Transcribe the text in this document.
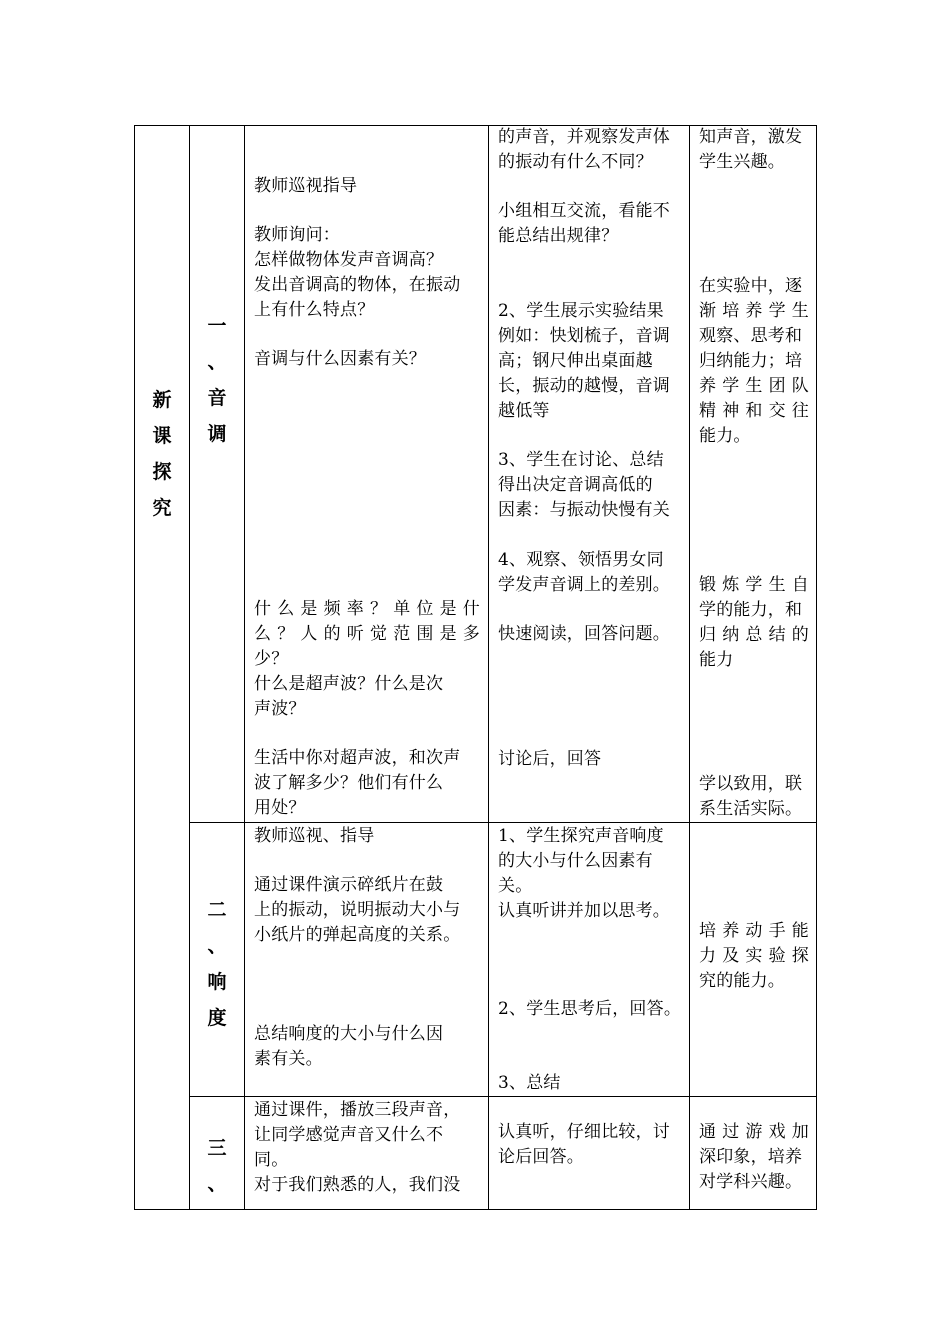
新
课
探
究
一
、
音
调
二
、
响
度
三
、
教师巡视指导
教师询问：
怎样做物体发声音调高？
发出音调高的物体，在振动
上有什么特点？
音调与什么因素有关？
什么是频率？单位是什
么？人的听觉范围是多
少？
什么是超声波？什么是次
声波？
生活中你对超声波，和次声
波了解多少？他们有什么
用处？
的声音，并观察发声体
的振动有什么不同？
小组相互交流，看能不
能总结出规律？
2、学生展示实验结果
例如：快划梳子，音调
高；钢尺伸出桌面越
长，振动的越慢，音调
越低等
3、学生在讨论、总结
得出决定音调高低的
因素：与振动快慢有关
4、观察、领悟男女同
学发声音调上的差别。
快速阅读，回答问题。
讨论后，回答
知声音，激发
学生兴趣。
在实验中，逐
渐培养学生
观察、思考和
归纳能力；培
养学生团队
精神和交往
能力。
锻炼学生自
学的能力，和
归纳总结的
能力
学以致用，联
系生活实际。
教师巡视、指导
通过课件演示碎纸片在鼓
上的振动，说明振动大小与
小纸片的弹起高度的关系。
总结响度的大小与什么因
素有关。
1、学生探究声音响度
的大小与什么因素有
关。
认真听讲并加以思考。
2、学生思考后，回答。
3、总结
培养动手能
力及实验探
究的能力。
通过课件，播放三段声音，
让同学感觉声音又什么不
同。
对于我们熟悉的人，我们没
认真听，仔细比较，讨
论后回答。
通过游戏加
深印象，培养
对学科兴趣。
